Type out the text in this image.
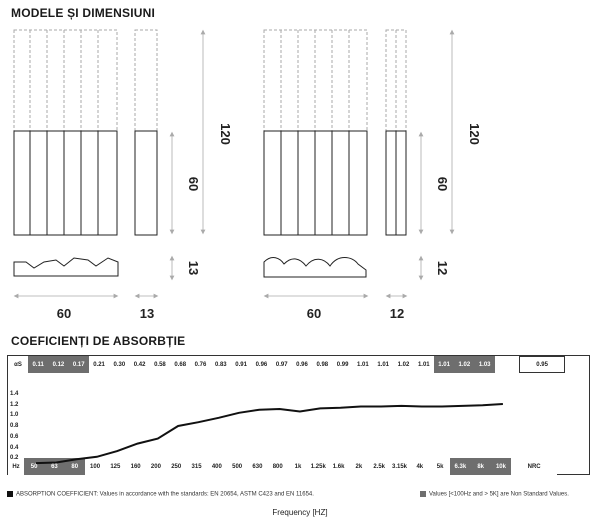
MODELE ȘI DIMENSIUNI
120
60
13
60	13
120
60
12
60	12
COEFICIENȚI DE ABSORBȚIE
αS	0.11	0.12	0.17	0.21	0.30	0.42	0.58	0.68	0.76	0.83	0.91	0.96	0.97	0.96	0.98	0.99	1.01	1.01	1.02	1.01	1.01	1.02	1.03	0.95
Hz	50	63	80	100	125	160	200	250	315	400	500	630	800	1k	1.25k	1.6k	2k	2.5k	3.15k	4k	5k	6.3k	8k	10k	NRC
1.4
1.2
1.0
0.8
0.6
0.4
0.2
ABSORPTION COEFFICIENT: Values in accordance with the standards: EN 20654, ASTM C423 and EN 11654.	Values [<100Hz and > 5K] are Non Standard Values.
Frequency [HZ]
